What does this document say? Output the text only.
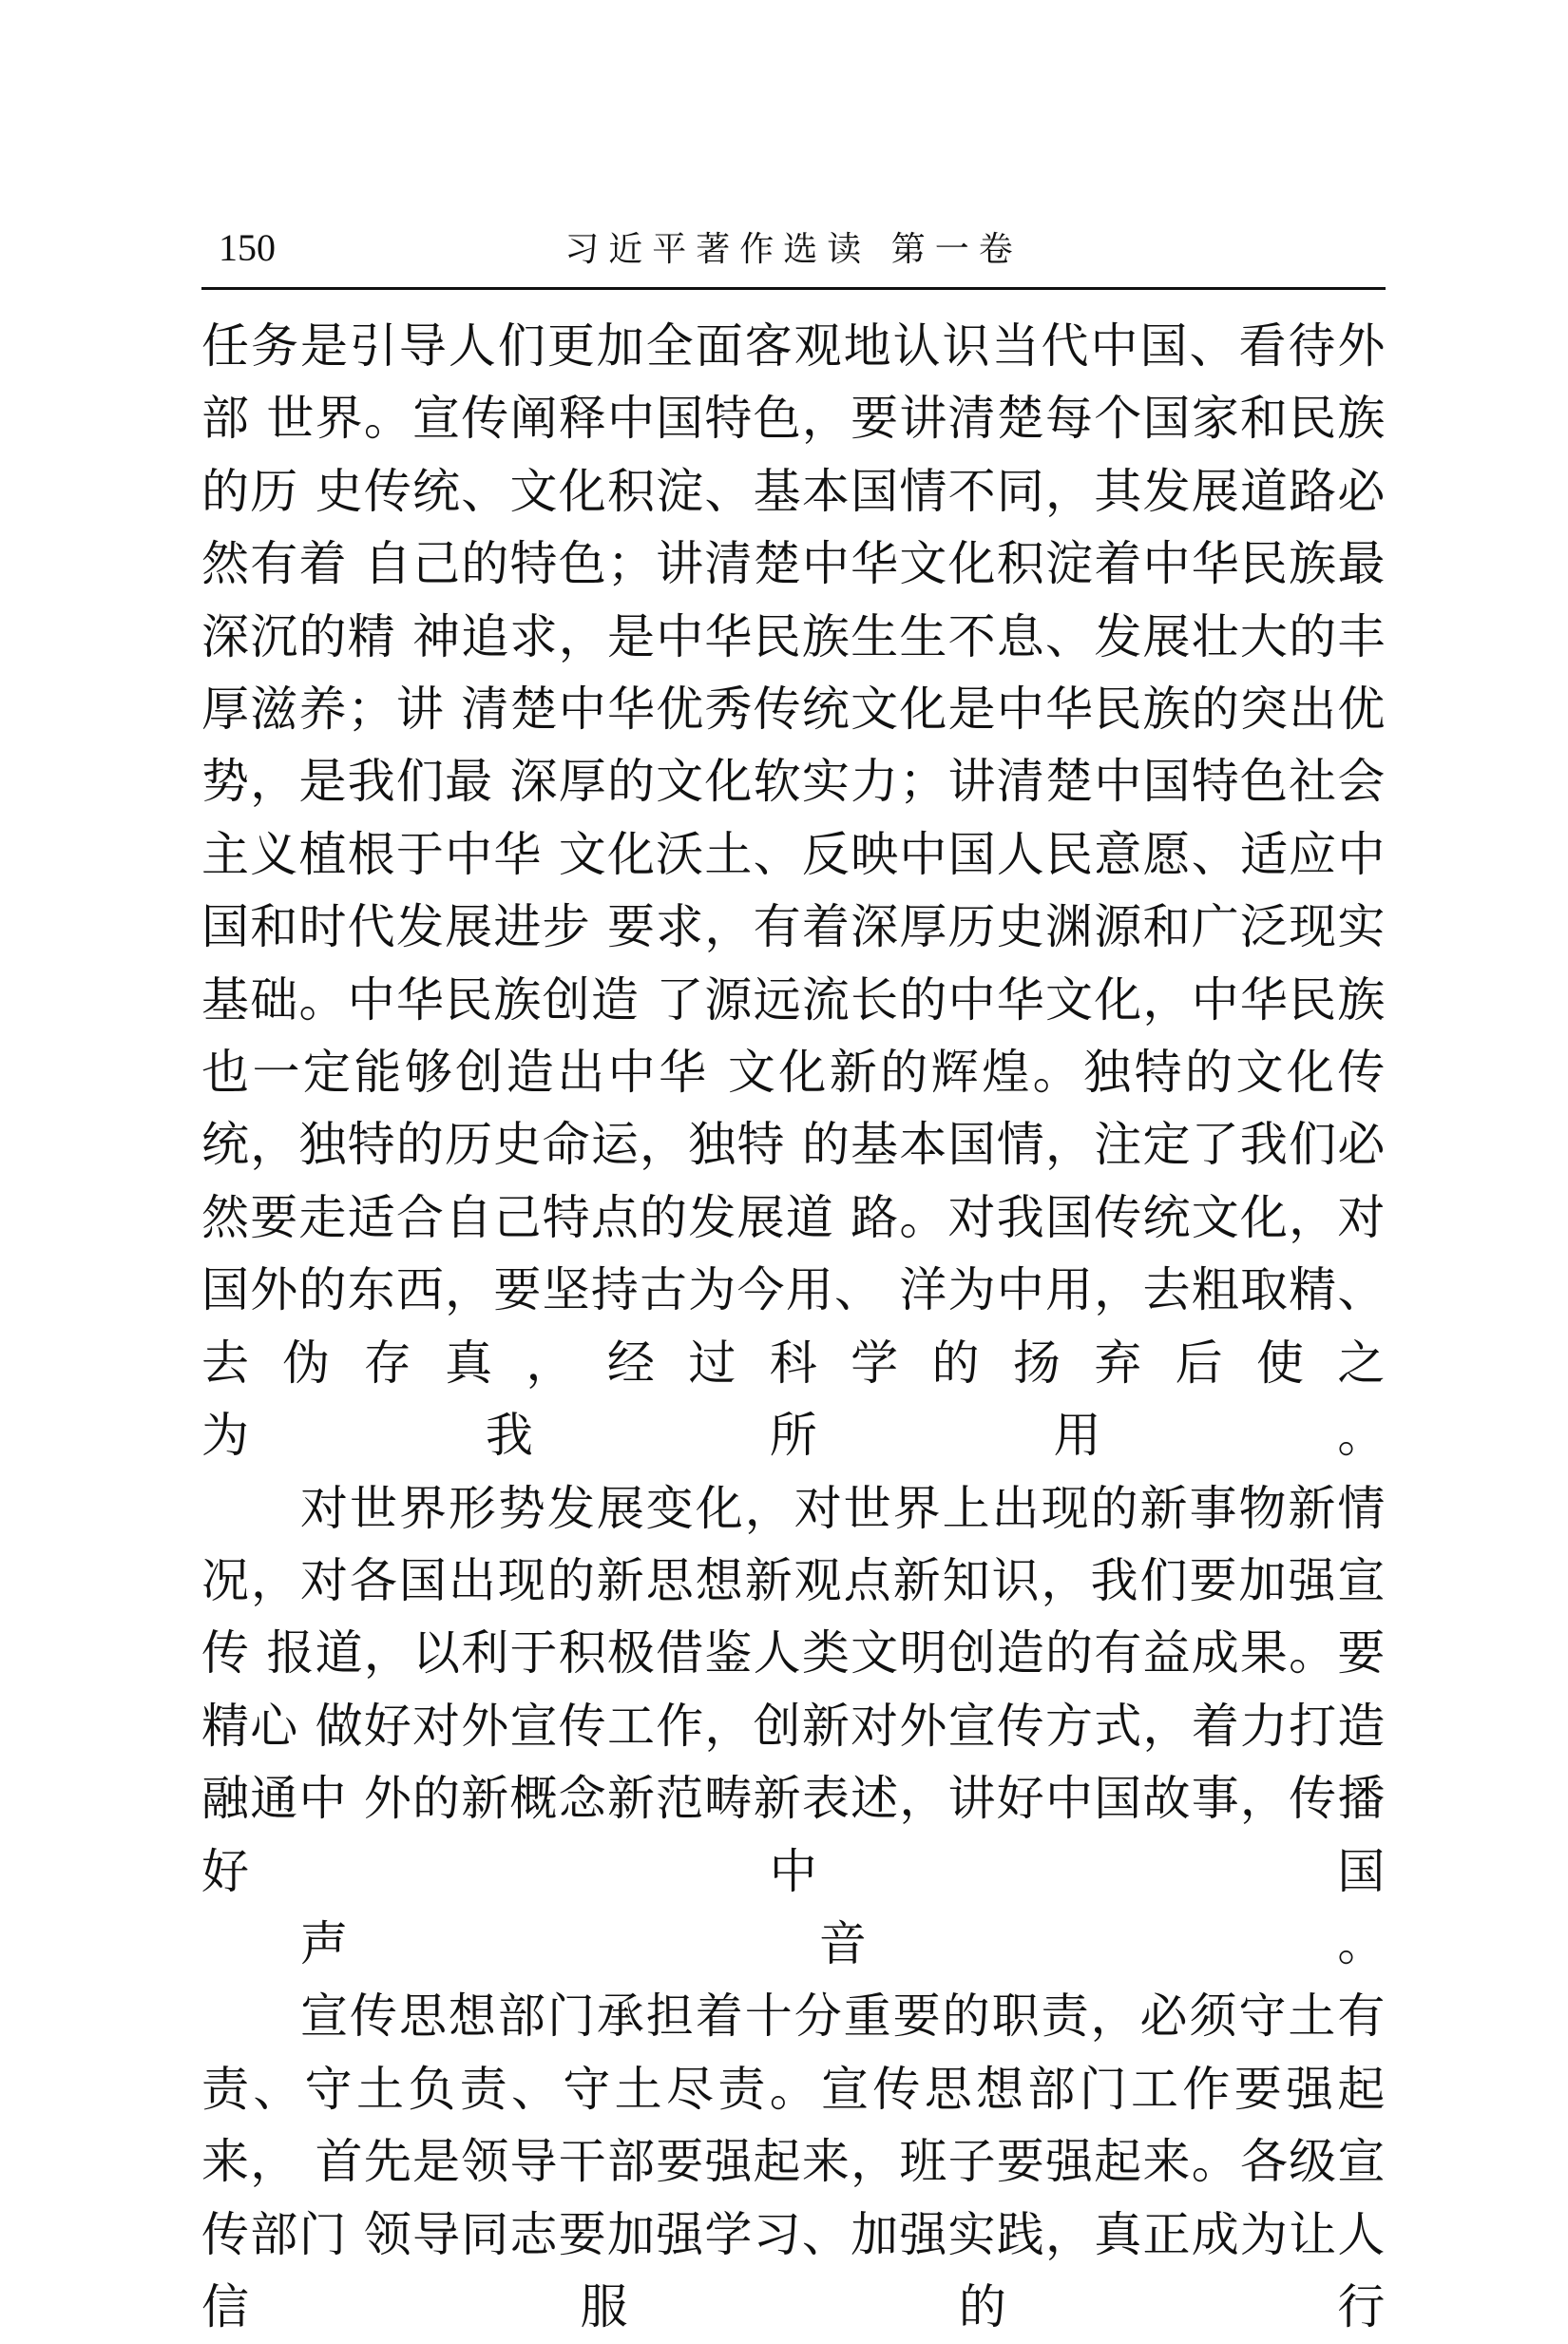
150	习近平著作选读 第一卷
任务是引导人们更加全面客观地认识当代中国、看待外部 世界。宣传阐释中国特色，要讲清楚每个国家和民族的历 史传统、文化积淀、基本国情不同，其发展道路必然有着 自己的特色；讲清楚中华文化积淀着中华民族最深沉的精 神追求，是中华民族生生不息、发展壮大的丰厚滋养；讲 清楚中华优秀传统文化是中华民族的突出优势，是我们最 深厚的文化软实力；讲清楚中国特色社会主义植根于中华 文化沃土、反映中国人民意愿、适应中国和时代发展进步 要求，有着深厚历史渊源和广泛现实基础。中华民族创造 了源远流长的中华文化，中华民族也一定能够创造出中华 文化新的辉煌。独特的文化传统，独特的历史命运，独特 的基本国情，注定了我们必然要走适合自己特点的发展道 路。对我国传统文化，对国外的东西，要坚持古为今用、 洋为中用，去粗取精、去伪存真，经过科学的扬弃后使之
为我所用。
对世界形势发展变化，对世界上出现的新事物新情 况，对各国出现的新思想新观点新知识，我们要加强宣传 报道，以利于积极借鉴人类文明创造的有益成果。要精心 做好对外宣传工作，创新对外宣传方式，着力打造融通中 外的新概念新范畴新表述，讲好中国故事，传播好中国
声音。
宣传思想部门承担着十分重要的职责，必须守土有 责、守土负责、守土尽责。宣传思想部门工作要强起来， 首先是领导干部要强起来，班子要强起来。各级宣传部门 领导同志要加强学习、加强实践，真正成为让人信服的行
